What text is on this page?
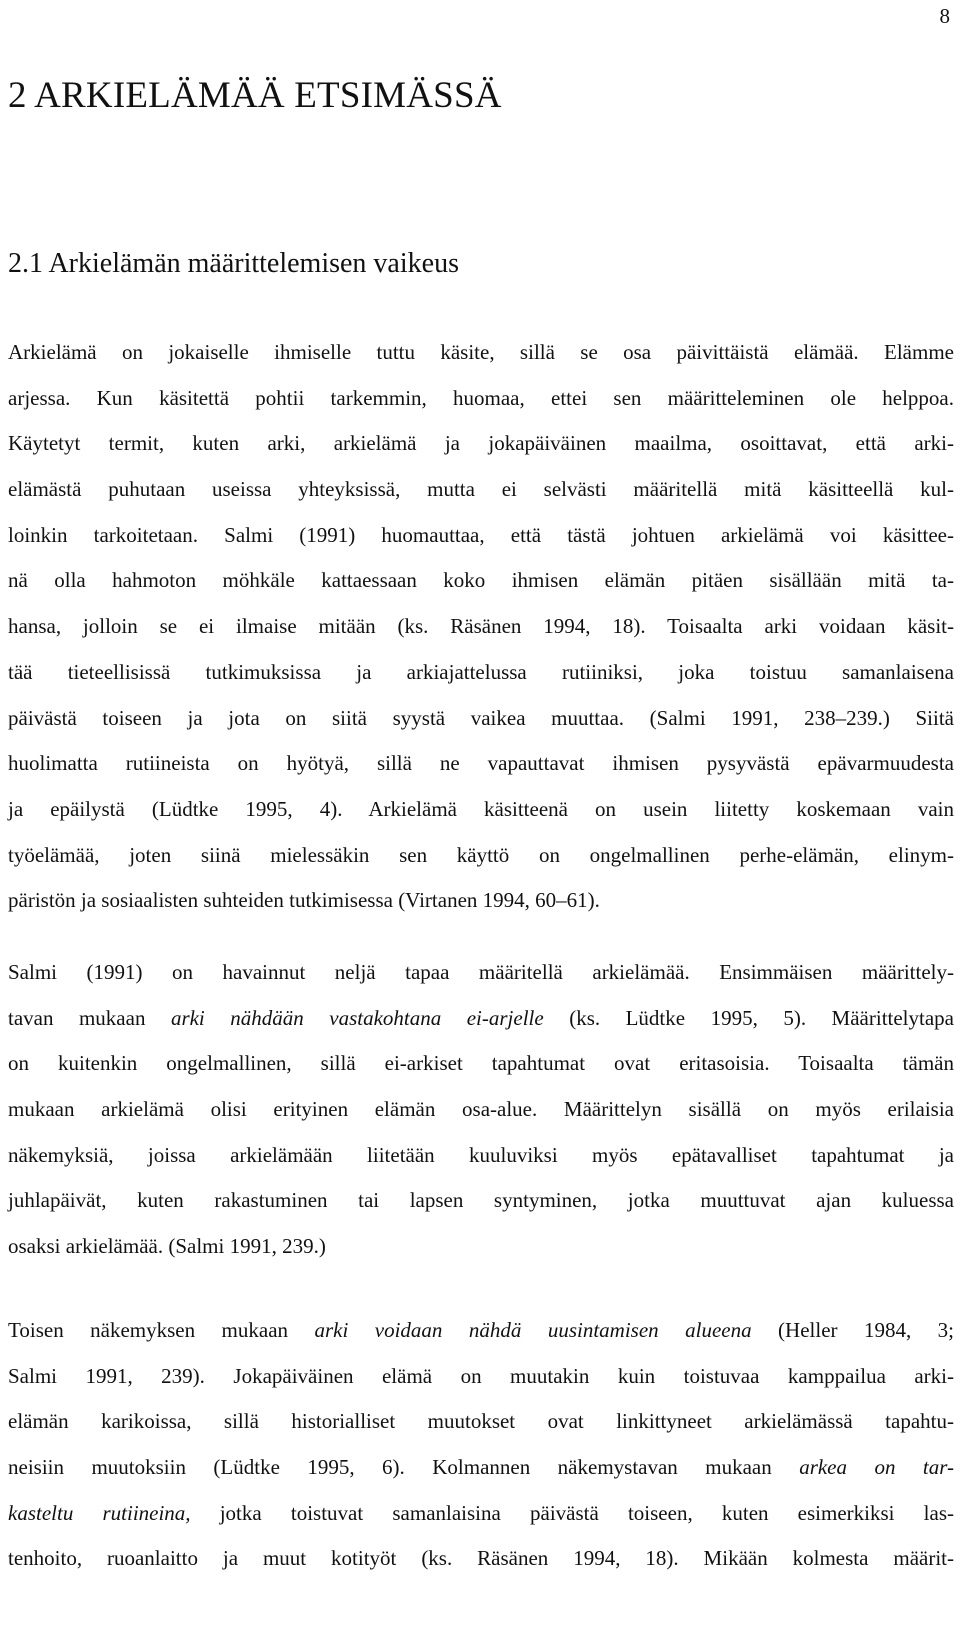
8
2 ARKIELÄMÄÄ ETSIMÄSSÄ
2.1 Arkielämän määrittelemisen vaikeus
Arkielämä on jokaiselle ihmiselle tuttu käsite, sillä se osa päivittäistä elämää. Elämme
arjessa. Kun käsitettä pohtii tarkemmin, huomaa, ettei sen määritteleminen ole helppoa.
Käytetyt termit, kuten arki, arkielämä ja jokapäiväinen maailma, osoittavat, että arki-
elämästä puhutaan useissa yhteyksissä, mutta ei selvästi määritellä mitä käsitteellä kul-
loinkin tarkoitetaan. Salmi (1991) huomauttaa, että tästä johtuen arkielämä voi käsittee-
nä olla hahmoton möhkäle kattaessaan koko ihmisen elämän pitäen sisällään mitä ta-
hansa, jolloin se ei ilmaise mitään (ks. Räsänen 1994, 18). Toisaalta arki voidaan käsit-
tää tieteellisissä tutkimuksissa ja arkiajattelussa rutiiniksi, joka toistuu samanlaisena
päivästä toiseen ja jota on siitä syystä vaikea muuttaa. (Salmi 1991, 238–239.) Siitä
huolimatta rutiineista on hyötyä, sillä ne vapauttavat ihmisen pysyvästä epävarmuudesta
ja epäilystä (Lüdtke 1995, 4). Arkielämä käsitteenä on usein liitetty koskemaan vain
työelämää, joten siinä mielessäkin sen käyttö on ongelmallinen perhe-elämän, elinym-
päristön ja sosiaalisten suhteiden tutkimisessa (Virtanen 1994, 60–61).
Salmi (1991) on havainnut neljä tapaa määritellä arkielämää. Ensimmäisen määrittely-
tavan mukaan arki nähdään vastakohtana ei-arjelle (ks. Lüdtke 1995, 5). Määrittelytapa
on kuitenkin ongelmallinen, sillä ei-arkiset tapahtumat ovat eritasoisia. Toisaalta tämän
mukaan arkielämä olisi erityinen elämän osa-alue. Määrittelyn sisällä on myös erilaisia
näkemyksiä, joissa arkielämään liitetään kuuluviksi myös epätavalliset tapahtumat ja
juhlapäivät, kuten rakastuminen tai lapsen syntyminen, jotka muuttuvat ajan kuluessa
osaksi arkielämää. (Salmi 1991, 239.)
Toisen näkemyksen mukaan arki voidaan nähdä uusintamisen alueena (Heller 1984, 3;
Salmi 1991, 239). Jokapäiväinen elämä on muutakin kuin toistuvaa kamppailua arki-
elämän karikoissa, sillä historialliset muutokset ovat linkittyneet arkielämässä tapahtu-
neisiin muutoksiin (Lüdtke 1995, 6). Kolmannen näkemystavan mukaan arkea on tar-
kasteltu rutiineina, jotka toistuvat samanlaisina päivästä toiseen, kuten esimerkiksi las-
tenhoito, ruoanlaitto ja muut kotityöt (ks. Räsänen 1994, 18). Mikään kolmesta määrit-
